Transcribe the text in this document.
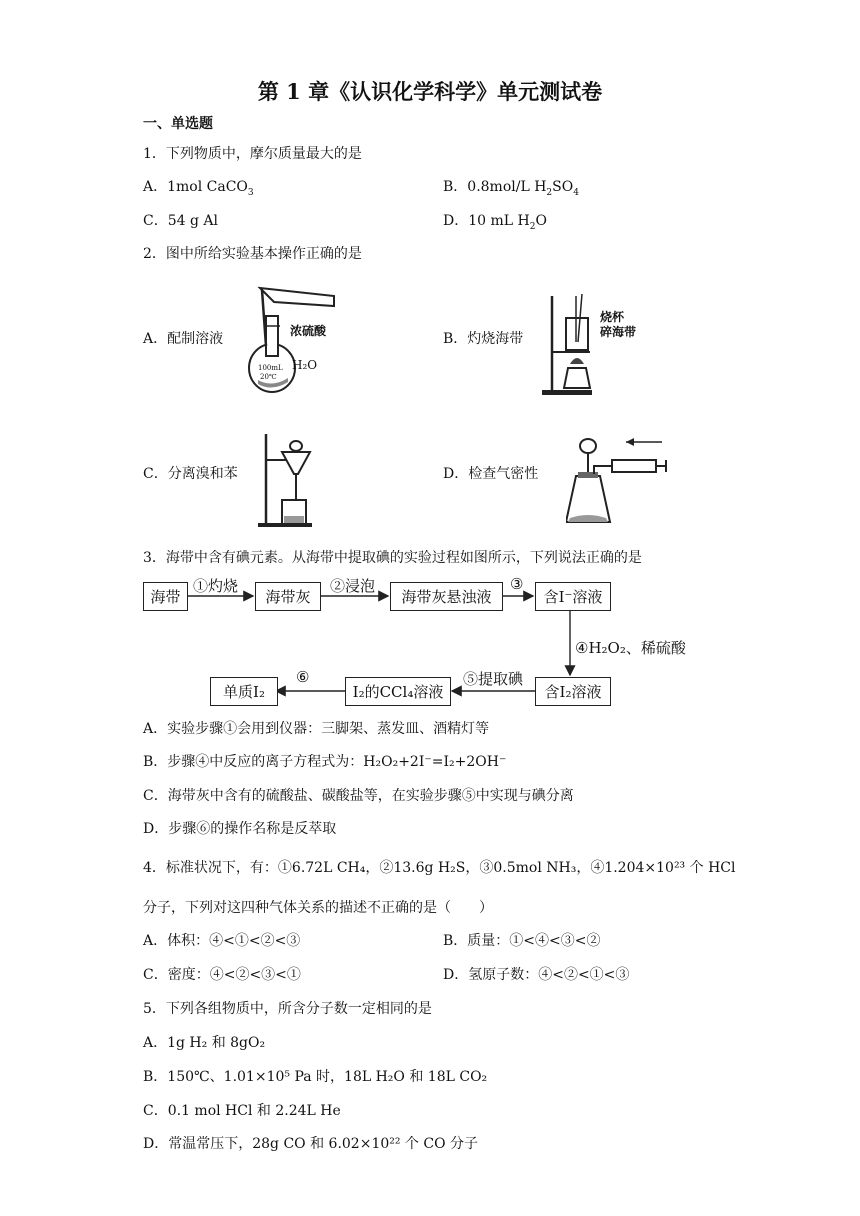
第 1 章《认识化学科学》单元测试卷
一、单选题
1．下列物质中，摩尔质量最大的是
A．1mol CaCO$_3$	B．0.8mol/L $H_2SO_4$
C．54 g Al	D．10 mL $H_2O$
2．图中所给实验基本操作正确的是
A．配制溶液	浓硫酸
H₂O
100mL
20℃
B．灼烧海带
烧杯
碎海带
C．分离溴和苯	D．检查气密性
3．海带中含有碘元素。从海带中提取碘的实验过程如图所示，下列说法正确的是
海带	海带灰	海带灰悬浊液	含I⁻溶液
含I₂溶液
I₂的CCl₄溶液
单质I₂
①灼烧	②浸泡	③
④H₂O₂、稀硫酸
⑤提取碘
⑥
A．实验步骤①会用到仪器：三脚架、蒸发皿、酒精灯等
B．步骤④中反应的离子方程式为：H₂O₂+2I⁻=I₂+2OH⁻
C．海带灰中含有的硫酸盐、碳酸盐等，在实验步骤⑤中实现与碘分离
D．步骤⑥的操作名称是反萃取
4．标准状况下，有：①6.72L CH₄，②13.6g H₂S，③0.5mol NH₃，④1.204×10²³ 个 HCl
分子，下列对这四种气体关系的描述不正确的是（　　）
A．体积：④<①<②<③	B．质量：①<④<③<②
C．密度：④<②<③<①	D．氢原子数：④<②<①<③
5．下列各组物质中，所含分子数一定相同的是
A．1g H₂ 和 8gO₂
B．150℃、1.01×10⁵ Pa 时，18L H₂O 和 18L CO₂
C．0.1 mol HCl 和 2.24L He
D．常温常压下，28g CO 和 6.02×10²² 个 CO 分子
